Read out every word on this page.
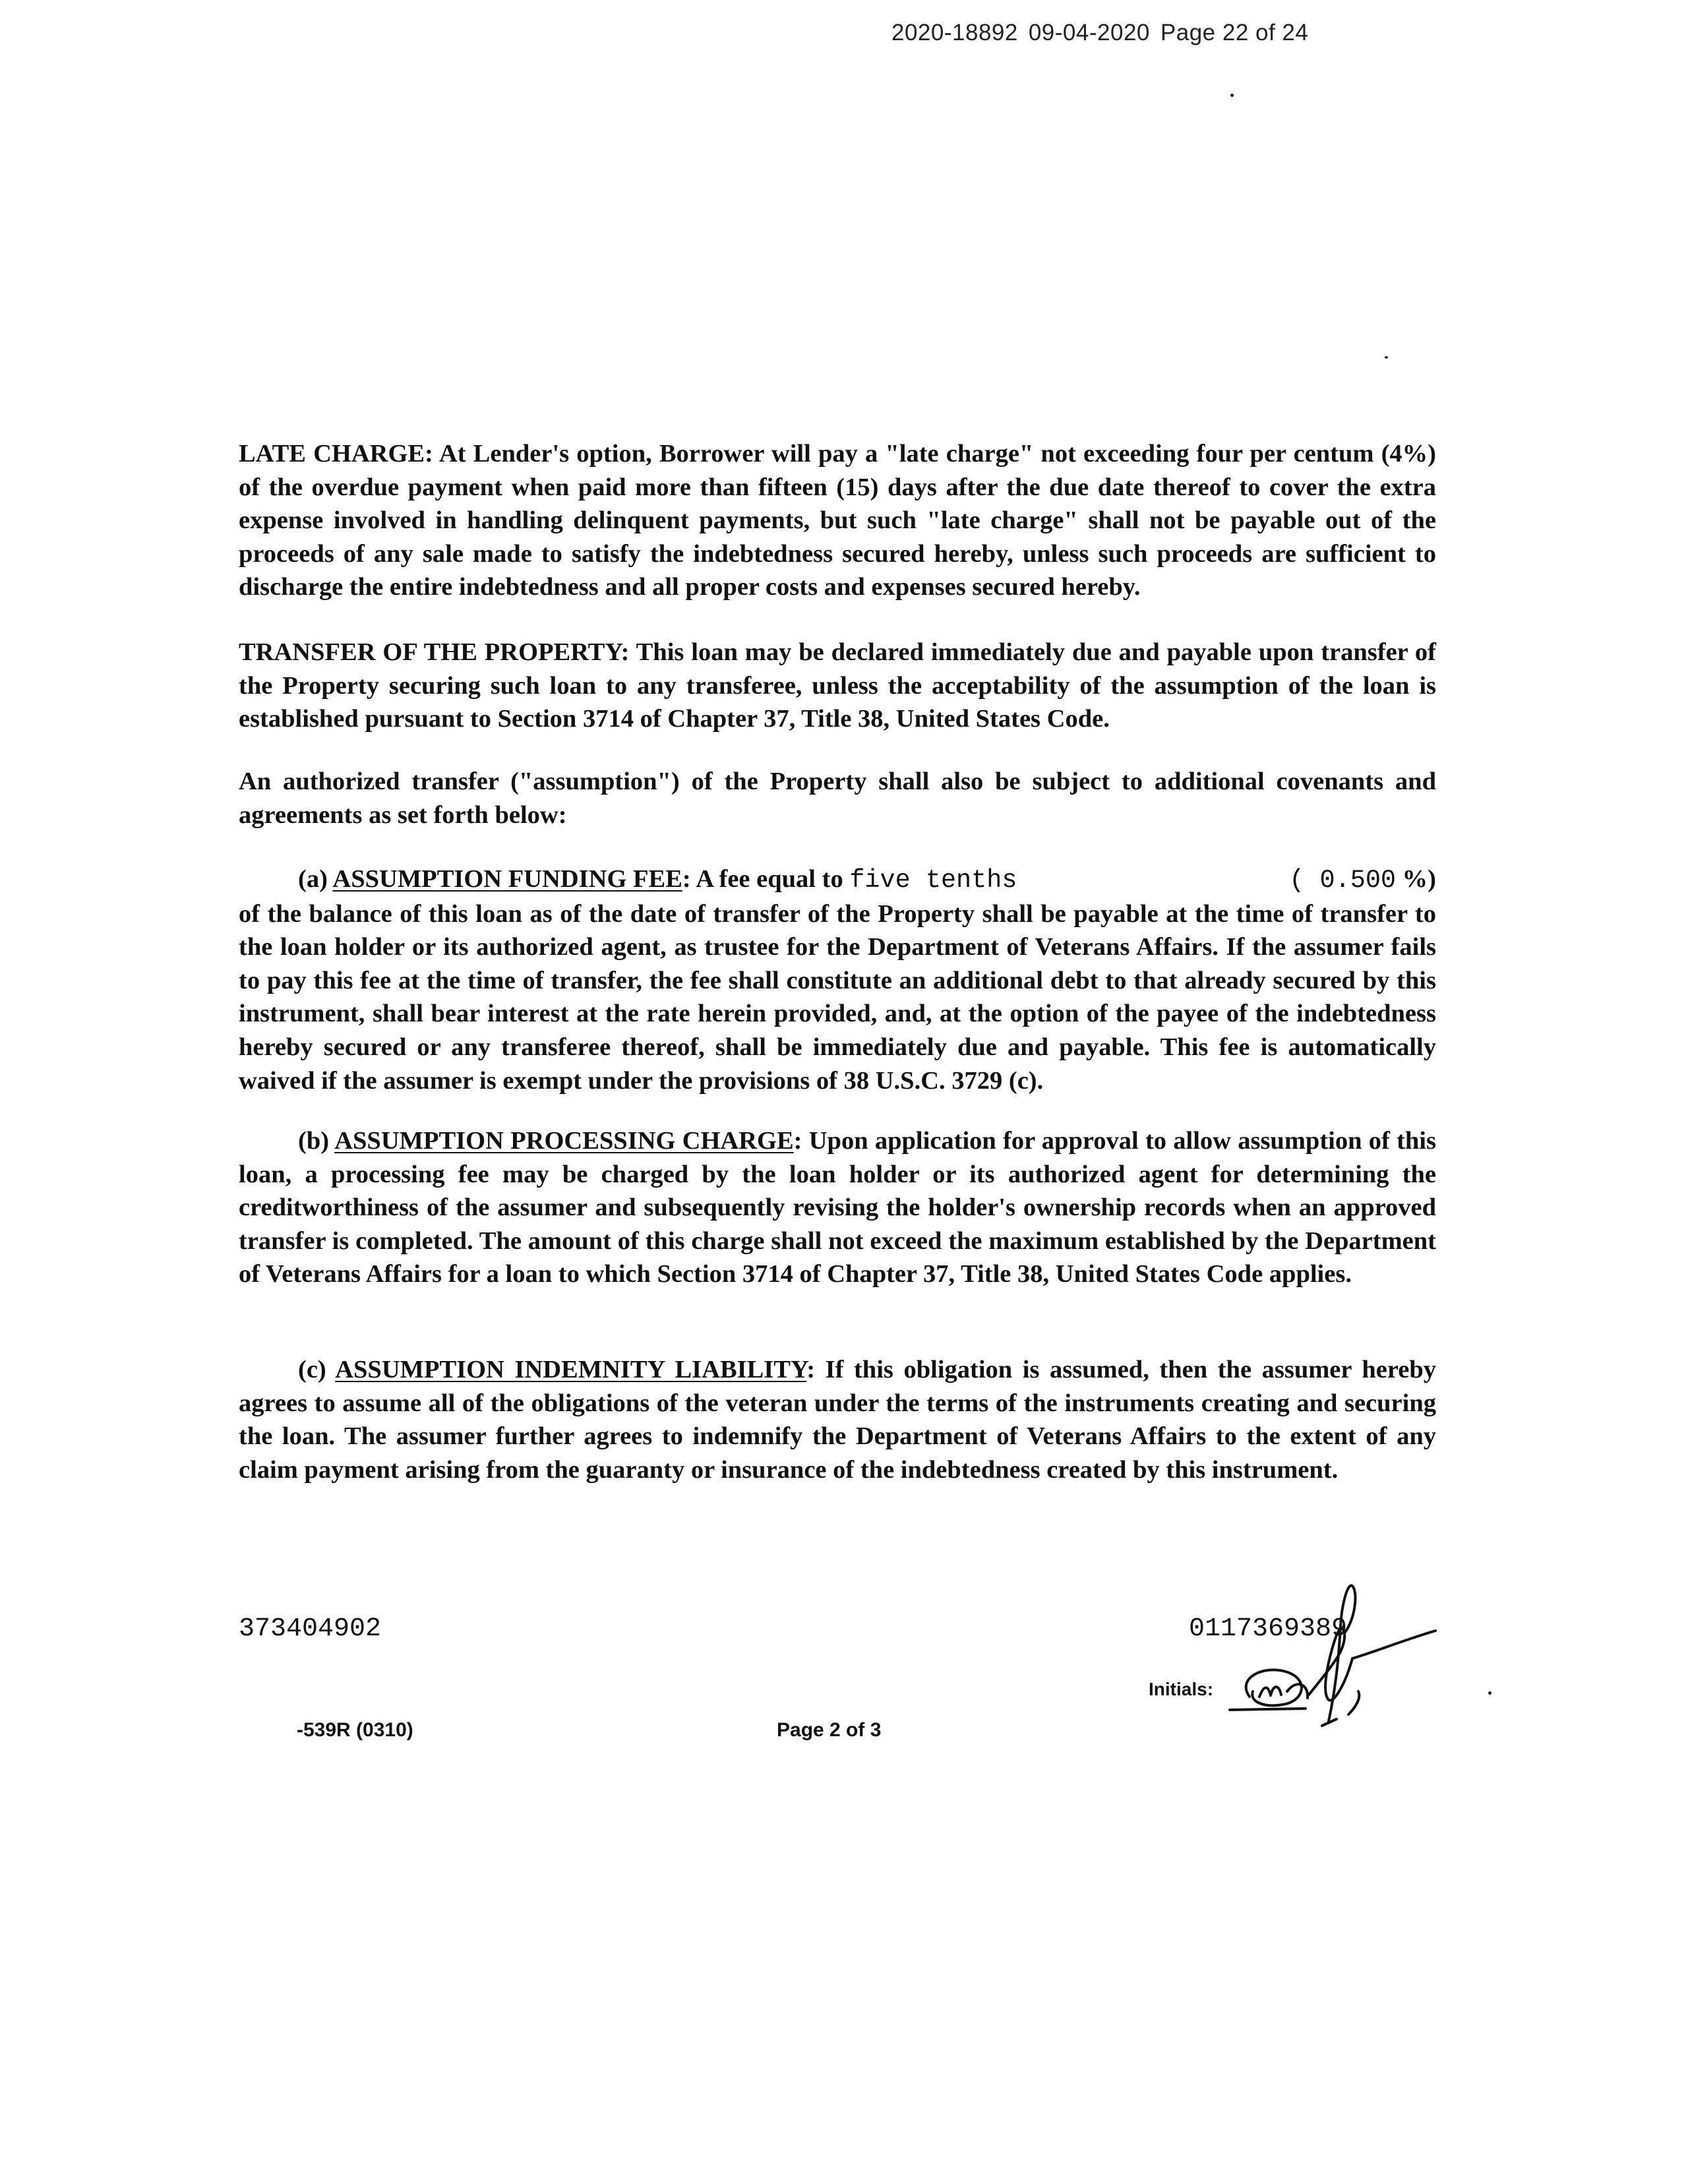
2020-18892 09-04-2020 Page 22 of 24

LATE CHARGE: At Lender's option, Borrower will pay a "late charge" not exceeding four per centum (4%) of the overdue payment when paid more than fifteen (15) days after the due date thereof to cover the extra expense involved in handling delinquent payments, but such "late charge" shall not be payable out of the proceeds of any sale made to satisfy the indebtedness secured hereby, unless such proceeds are sufficient to discharge the entire indebtedness and all proper costs and expenses secured hereby.

TRANSFER OF THE PROPERTY: This loan may be declared immediately due and payable upon transfer of the Property securing such loan to any transferee, unless the acceptability of the assumption of the loan is established pursuant to Section 3714 of Chapter 37, Title 38, United States Code.

An authorized transfer ("assumption") of the Property shall also be subject to additional covenants and agreements as set forth below:

(a) ASSUMPTION FUNDING FEE: A fee equal to five tenths	( 0.500 %)

of the balance of this loan as of the date of transfer of the Property shall be payable at the time of transfer to the loan holder or its authorized agent, as trustee for the Department of Veterans Affairs. If the assumer fails to pay this fee at the time of transfer, the fee shall constitute an additional debt to that already secured by this instrument, shall bear interest at the rate herein provided, and, at the option of the payee of the indebtedness hereby secured or any transferee thereof, shall be immediately due and payable. This fee is automatically waived if the assumer is exempt under the provisions of 38 U.S.C. 3729 (c).

(b) ASSUMPTION PROCESSING CHARGE: Upon application for approval to allow assumption of this loan, a processing fee may be charged by the loan holder or its authorized agent for determining the creditworthiness of the assumer and subsequently revising the holder's ownership records when an approved transfer is completed. The amount of this charge shall not exceed the maximum established by the Department of Veterans Affairs for a loan to which Section 3714 of Chapter 37, Title 38, United States Code applies.

(c) ASSUMPTION INDEMNITY LIABILITY: If this obligation is assumed, then the assumer hereby agrees to assume all of the obligations of the veteran under the terms of the instruments creating and securing the loan. The assumer further agrees to indemnify the Department of Veterans Affairs to the extent of any claim payment arising from the guaranty or insurance of the indebtedness created by this instrument.

373404902	0117369389
Initials:
-539R (0310)	Page 2 of 3
